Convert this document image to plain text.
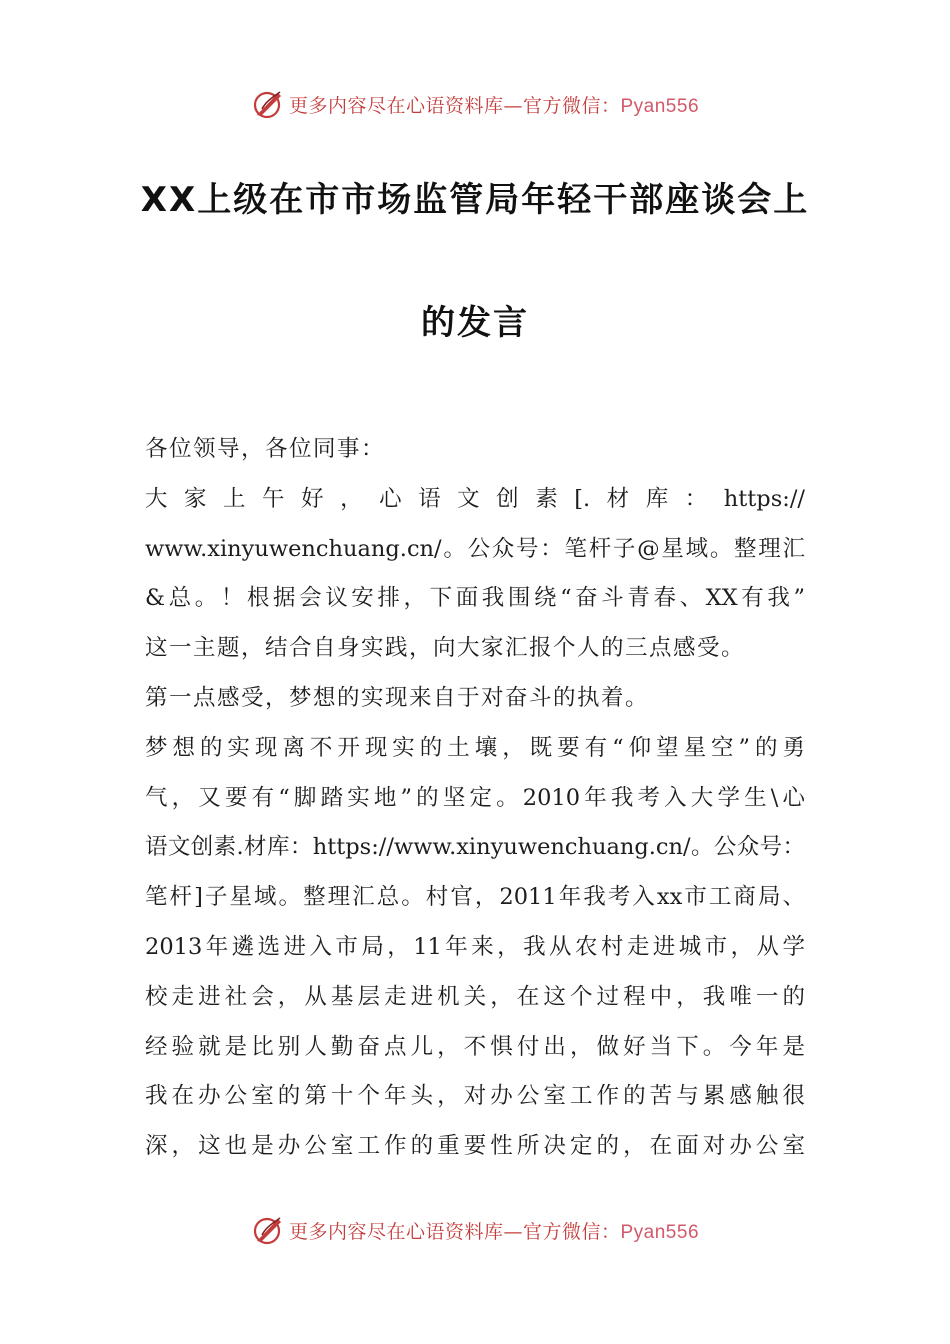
更多内容尽在心语资料库—官方微信：Pyan556
XX上级在市市场监管局年轻干部座谈会上
的发言

各位领导，各位同事：

大家上午好，心语文创素[.材库：https://

www.xinyuwenchuang.cn/。公众号：笔杆子@星域。整理汇

&总。！根据会议安排，下面我围绕“奋斗青春、XX有我”

这一主题，结合自身实践，向大家汇报个人的三点感受。

第一点感受，梦想的实现来自于对奋斗的执着。

梦想的实现离不开现实的土壤，既要有“仰望星空”的勇

气，又要有“脚踏实地”的坚定。2010年我考入大学生\心

语文创素.材库：https://www.xinyuwenchuang.cn/。公众号：

笔杆]子星域。整理汇总。村官，2011年我考入xx市工商局、

2013年遴选进入市局，11年来，我从农村走进城市，从学

校走进社会，从基层走进机关，在这个过程中，我唯一的

经验就是比别人勤奋点儿，不惧付出，做好当下。今年是

我在办公室的第十个年头，对办公室工作的苦与累感触很

深，这也是办公室工作的重要性所决定的，在面对办公室

更多内容尽在心语资料库—官方微信：Pyan556
